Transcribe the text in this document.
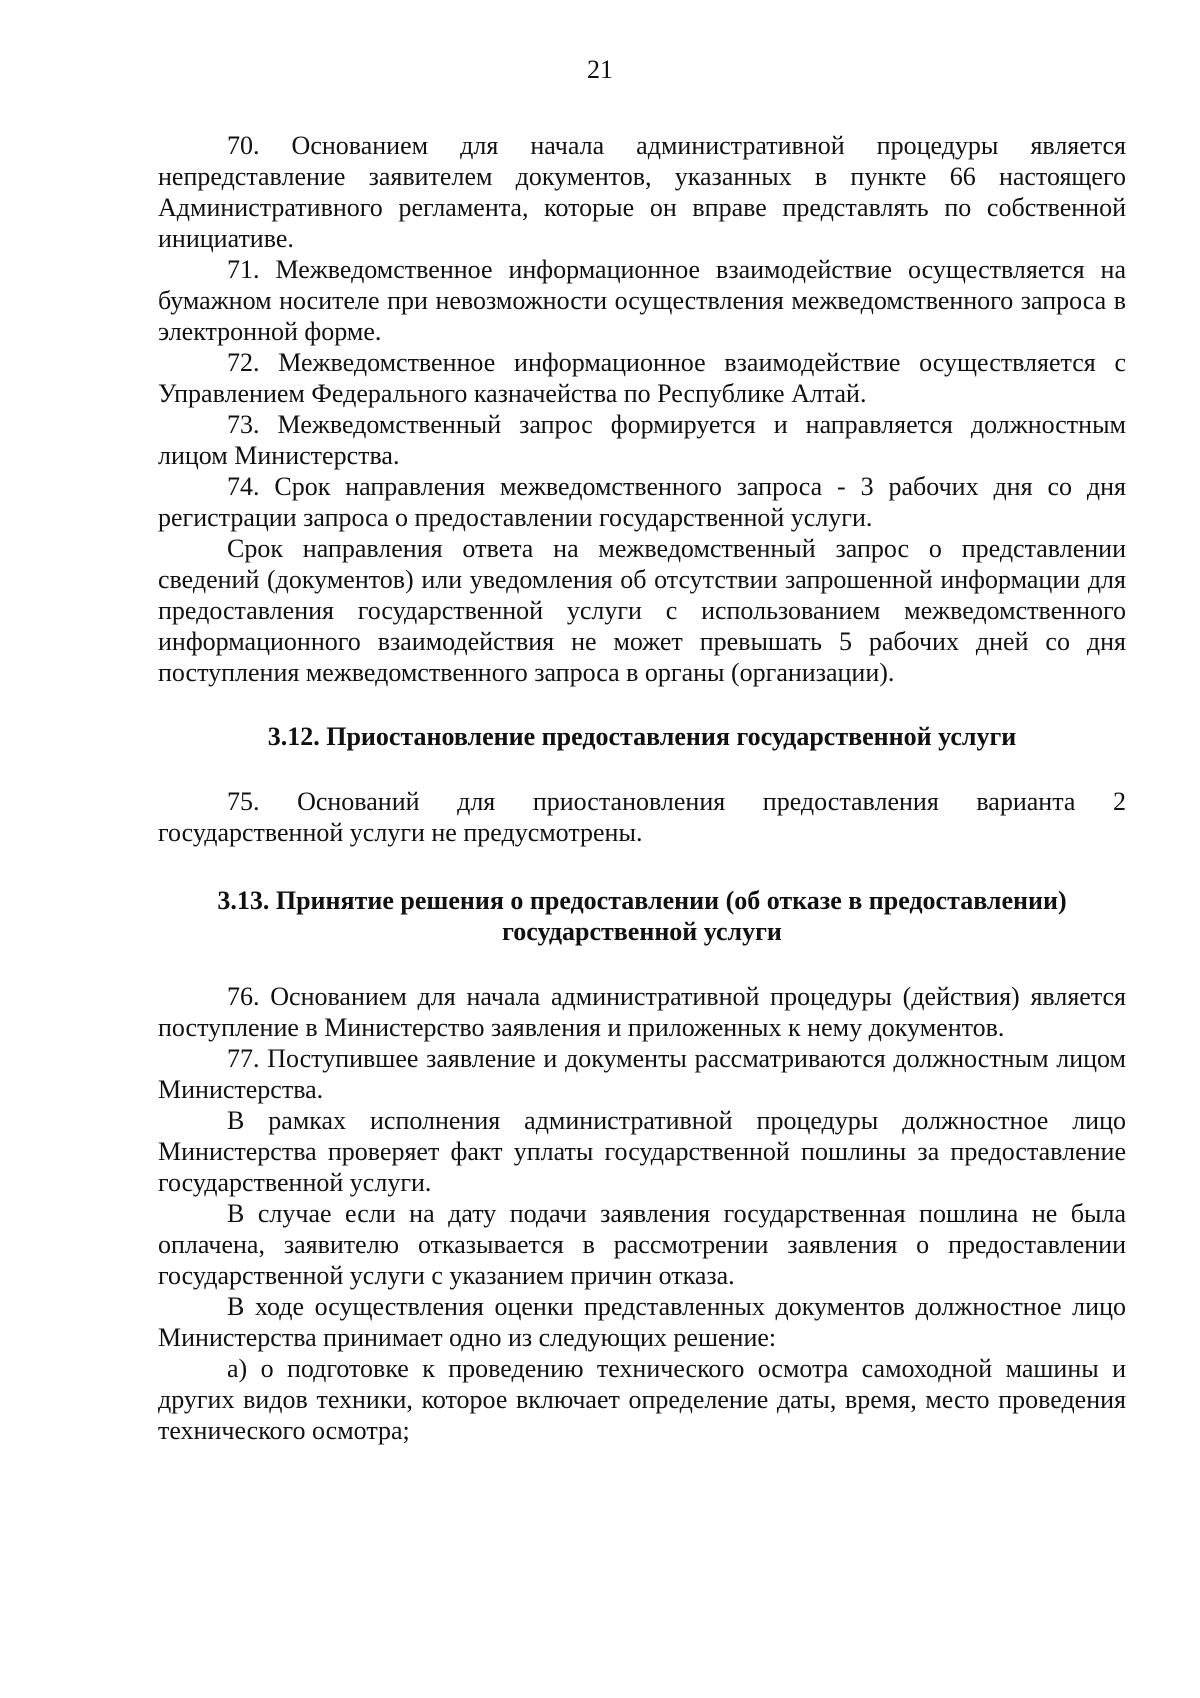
21

70. Основанием для начала административной процедуры является непредставление заявителем документов, указанных в пункте 66 настоящего Административного регламента, которые он вправе представлять по собственной инициативе.

71. Межведомственное информационное взаимодействие осуществляется на бумажном носителе при невозможности осуществления межведомственного запроса в электронной форме.

72. Межведомственное информационное взаимодействие осуществляется с Управлением Федерального казначейства по Республике Алтай.

73. Межведомственный запрос формируется и направляется должностным лицом Министерства.

74. Срок направления межведомственного запроса - 3 рабочих дня со дня регистрации запроса о предоставлении государственной услуги.

Срок направления ответа на межведомственный запрос о представлении сведений (документов) или уведомления об отсутствии запрошенной информации для предоставления государственной услуги с использованием межведомственного информационного взаимодействия не может превышать 5 рабочих дней со дня поступления межведомственного запроса в органы (организации).

3.12. Приостановление предоставления государственной услуги

75. Оснований для приостановления предоставления варианта 2 государственной услуги не предусмотрены.

3.13. Принятие решения о предоставлении (об отказе в предоставлении) государственной услуги

76. Основанием для начала административной процедуры (действия) является поступление в Министерство заявления и приложенных к нему документов.

77. Поступившее заявление и документы рассматриваются должностным лицом Министерства.

В рамках исполнения административной процедуры должностное лицо Министерства проверяет факт уплаты государственной пошлины за предоставление государственной услуги.

В случае если на дату подачи заявления государственная пошлина не была оплачена, заявителю отказывается в рассмотрении заявления о предоставлении государственной услуги с указанием причин отказа.

В ходе осуществления оценки представленных документов должностное лицо Министерства принимает одно из следующих решение:

а) о подготовке к проведению технического осмотра самоходной машины и других видов техники, которое включает определение даты, время, место проведения технического осмотра;
